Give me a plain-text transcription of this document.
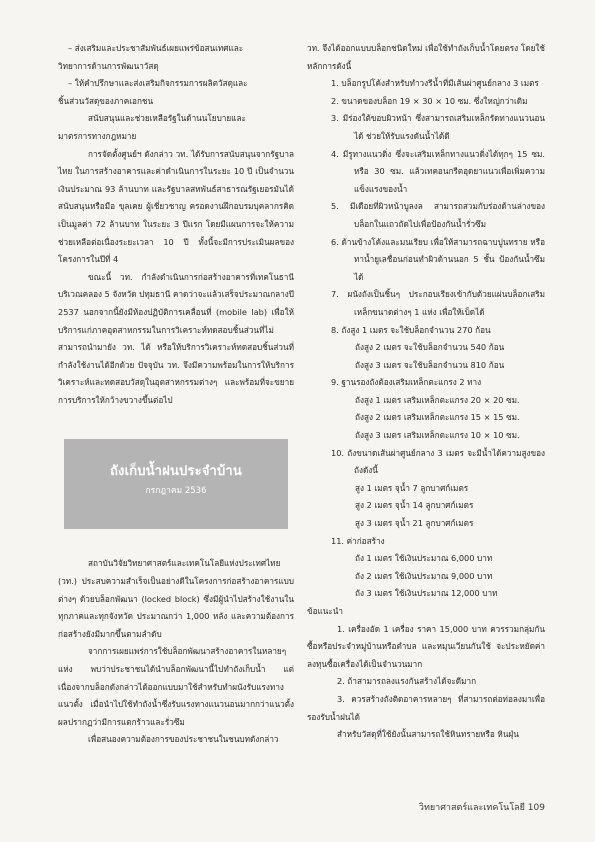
– ส่งเสริมและประชาสัมพันธ์เผยแพร่ข้อสนเทศและ

วิทยาการด้านการพัฒนาวัสดุ

– ให้คำปรึกษาและส่งเสริมกิจกรรมการผลิตวัสดุและ

ชิ้นส่วนวัสดุของภาคเอกชน

สนับสนุนและช่วยเหลือรัฐในด้านนโยบายและ

มาตรการทางกฎหมาย

การจัดตั้งศูนย์ฯ ดังกล่าว วท. ได้รับการสนับสนุนจากรัฐบาลไทย ในการสร้างอาคารและค่าดำเนินการในระยะ 10 ปี เป็นจำนวนเงินประมาณ 93 ล้านบาท และรัฐบาลสหพันธ์สาธารณรัฐเยอรมันได้สนับสนุนหรือมือ ขุลเคย ผู้เชี่ยวชาญ ครอดงานฝึกอบรมบุคลากรคิดเป็นมูลค่า 72 ล้านบาท ในระยะ 3 ปีแรก โดยมีแผนการจะให้ความช่วยเหลือต่อเนื่องระยะเวลา 10 ปี ทั้งนี้จะมีการประเมินผลของโครงการในปีที่ 4

ขณะนี้ วท. กำลังดำเนินการก่อสร้างอาคารที่เทคโนธานี บริเวณคลอง 5 จังหวัด ปทุมธานี คาดว่าจะแล้วเสร็จประมาณกลางปี 2537 นอกจากนี้ยังมีห้องปฏิบัติการเคลื่อนที่ (mobile lab) เพื่อให้บริการแก่ภาคอุตสาหกรรมในการวิเคราะห์ทดสอบชิ้นส่วนที่ไม่สามารถนำมายัง วท. ได้ หรือให้บริการวิเคราะห์ทดสอบชิ้นส่วนที่กำลังใช้งานได้อีกด้วย ปัจจุบัน วท. จึงมีความพร้อมในการให้บริการวิเคราะห์และทดสอบวัสดุในอุตสาหกรรมต่างๆ และพร้อมที่จะขยายการบริการให้กว้างขวางขึ้นต่อไป

ถังเก็บน้ำฝนประจำบ้าน
กรกฎาคม 2536

สถาบันวิจัยวิทยาศาสตร์และเทคโนโลยีแห่งประเทศไทย (วท.) ประสบความสำเร็จเป็นอย่างดีในโครงการก่อสร้างอาคารแบบต่างๆ ด้วยบล็อกพัฒนา (locked block) ซึ่งมีผู้นำไปสร้างใช้งานในทุกภาคและทุกจังหวัด ประมาณกว่า 1,000 หลัง และความต้องการก่อสร้างยังมีมากขึ้นตามลำดับ

จากการเผยแพร่การใช้บล็อกพัฒนาสร้างอาคารในหลายๆ แห่ง พบว่าประชาชนได้นำบล็อกพัฒนานี้ไปทำถังเก็บน้ำ แต่เนื่องจากบล็อกดังกล่าวได้ออกแบบมาใช้สำหรับทำผนังรับแรงทางแนวตั้ง เมื่อนำไปใช้ทำถังน้ำซึ่งรับแรงทางแนวนอนมากกว่าแนวตั้ง ผลปรากฏว่ามีการแตกร้าวและรั่วซึม

เพื่อสนองความต้องการของประชาชนในชนบทดังกล่าว

วท. จึงได้ออกแบบบล็อกชนิดใหม่ เพื่อใช้ทำถังเก็บน้ำโดยตรง โดยใช้หลักการดังนี้

1. บล็อกรูปโค้งสำหรับทำวงรีน้ำที่มีเส้นผ่าศูนย์กลาง 3 เมตร

2. ขนาดของบล็อก 19 × 30 × 10 ซม. ซึ่งใหญ่กว่าเดิม

3. มีร่องใต้ขอบผิวหน้า ซึ่งสามารถเสริมเหล็กรัดทางแนวนอนได้ ช่วยให้รับแรงดันน้ำได้ดี

4. มีรูทางแนวดิ่ง ซึ่งจะเสริมเหล็กทางแนวดิ่งได้ทุกๆ 15 ซม. หรือ 30 ซม. แล้วเทคอนกรีตอุดยาแนวเพื่อเพิ่มความแข็งแรงของน้ำ

5. มีเดือยที่ผิวหน้าบูลงล สามารถสวมกับร่องด้านล่างของบล็อกในแถวถัดไปเพื่อป้องกันน้ำรั่วซึม

6. ด้านข้างโค้งและมนเรียบ เพื่อให้สามารถฉาบปูนทราย หรือทาน้ำยูเลชื่อนก่อนทำผิวด้านนอก 5 ชั้น ป้องกันน้ำซึมได้

7. ผนังถังเป็นชิ้นๆ ประกอบเรียงเข้ากับด้วยแผ่นบล็อกเสริมเหล็กขนาดต่างๆ 1 แห่ง เพื่อให้เบ็ดได้

8. ถังสูง 1 เมตร จะใช้บล็อกจำนวน 270 ก้อน

ถังสูง 2 เมตร จะใช้บล็อกจำนวน 540 ก้อน

ถังสูง 3 เมตร จะใช้บล็อกจำนวน 810 ก้อน

9. ฐานรองถังต้องเสริมเหล็กตะแกรง 2 ทาง

ถังสูง 1 เมตร เสริมเหล็กตะแกรง 20 × 20 ซม.

ถังสูง 2 เมตร เสริมเหล็กตะแกรง 15 × 15 ซม.

ถังสูง 3 เมตร เสริมเหล็กตะแกรง 10 × 10 ซม.

10. ถังขนาดเส้นผ่าศูนย์กลาง 3 เมตร จะมีน้ำได้ความสูงของถังดังนี้

สูง 1 เมตร จุน้ำ 7 ลูกบาศก์เมตร

สูง 2 เมตร จุน้ำ 14 ลูกบาศก์เมตร

สูง 3 เมตร จุน้ำ 21 ลูกบาศก์เมตร

11. ค่าก่อสร้าง

ถัง 1 เมตร ใช้เงินประมาณ 6,000 บาท

ถัง 2 เมตร ใช้เงินประมาณ 9,000 บาท

ถัง 3 เมตร ใช้เงินประมาณ 12,000 บาท

ข้อแนะนำ

1. เครื่องอัด 1 เครื่อง ราคา 15,000 บาท ควรรวมกลุ่มกันซื้อหรือประจำหมู่บ้านหรือตำบล และหมุนเวียนกันใช้ จะประหยัดค่าลงทุนซื้อเครื่องได้เป็นจำนวนมาก

2. ถ้าสามารถลงแรงกันสร้างได้จะดีมาก

3. ควรสร้างถังติดอาคารหลายๆ ที่สามารถต่อท่อลงมาเพื่อรองรับน้ำฝนได้

สำหรับวัสดุที่ใช้ยังนั้นสามารถใช้หินทรายหรือ หินฝุ่น

วิทยาศาสตร์และเทคโนโลยี 109
